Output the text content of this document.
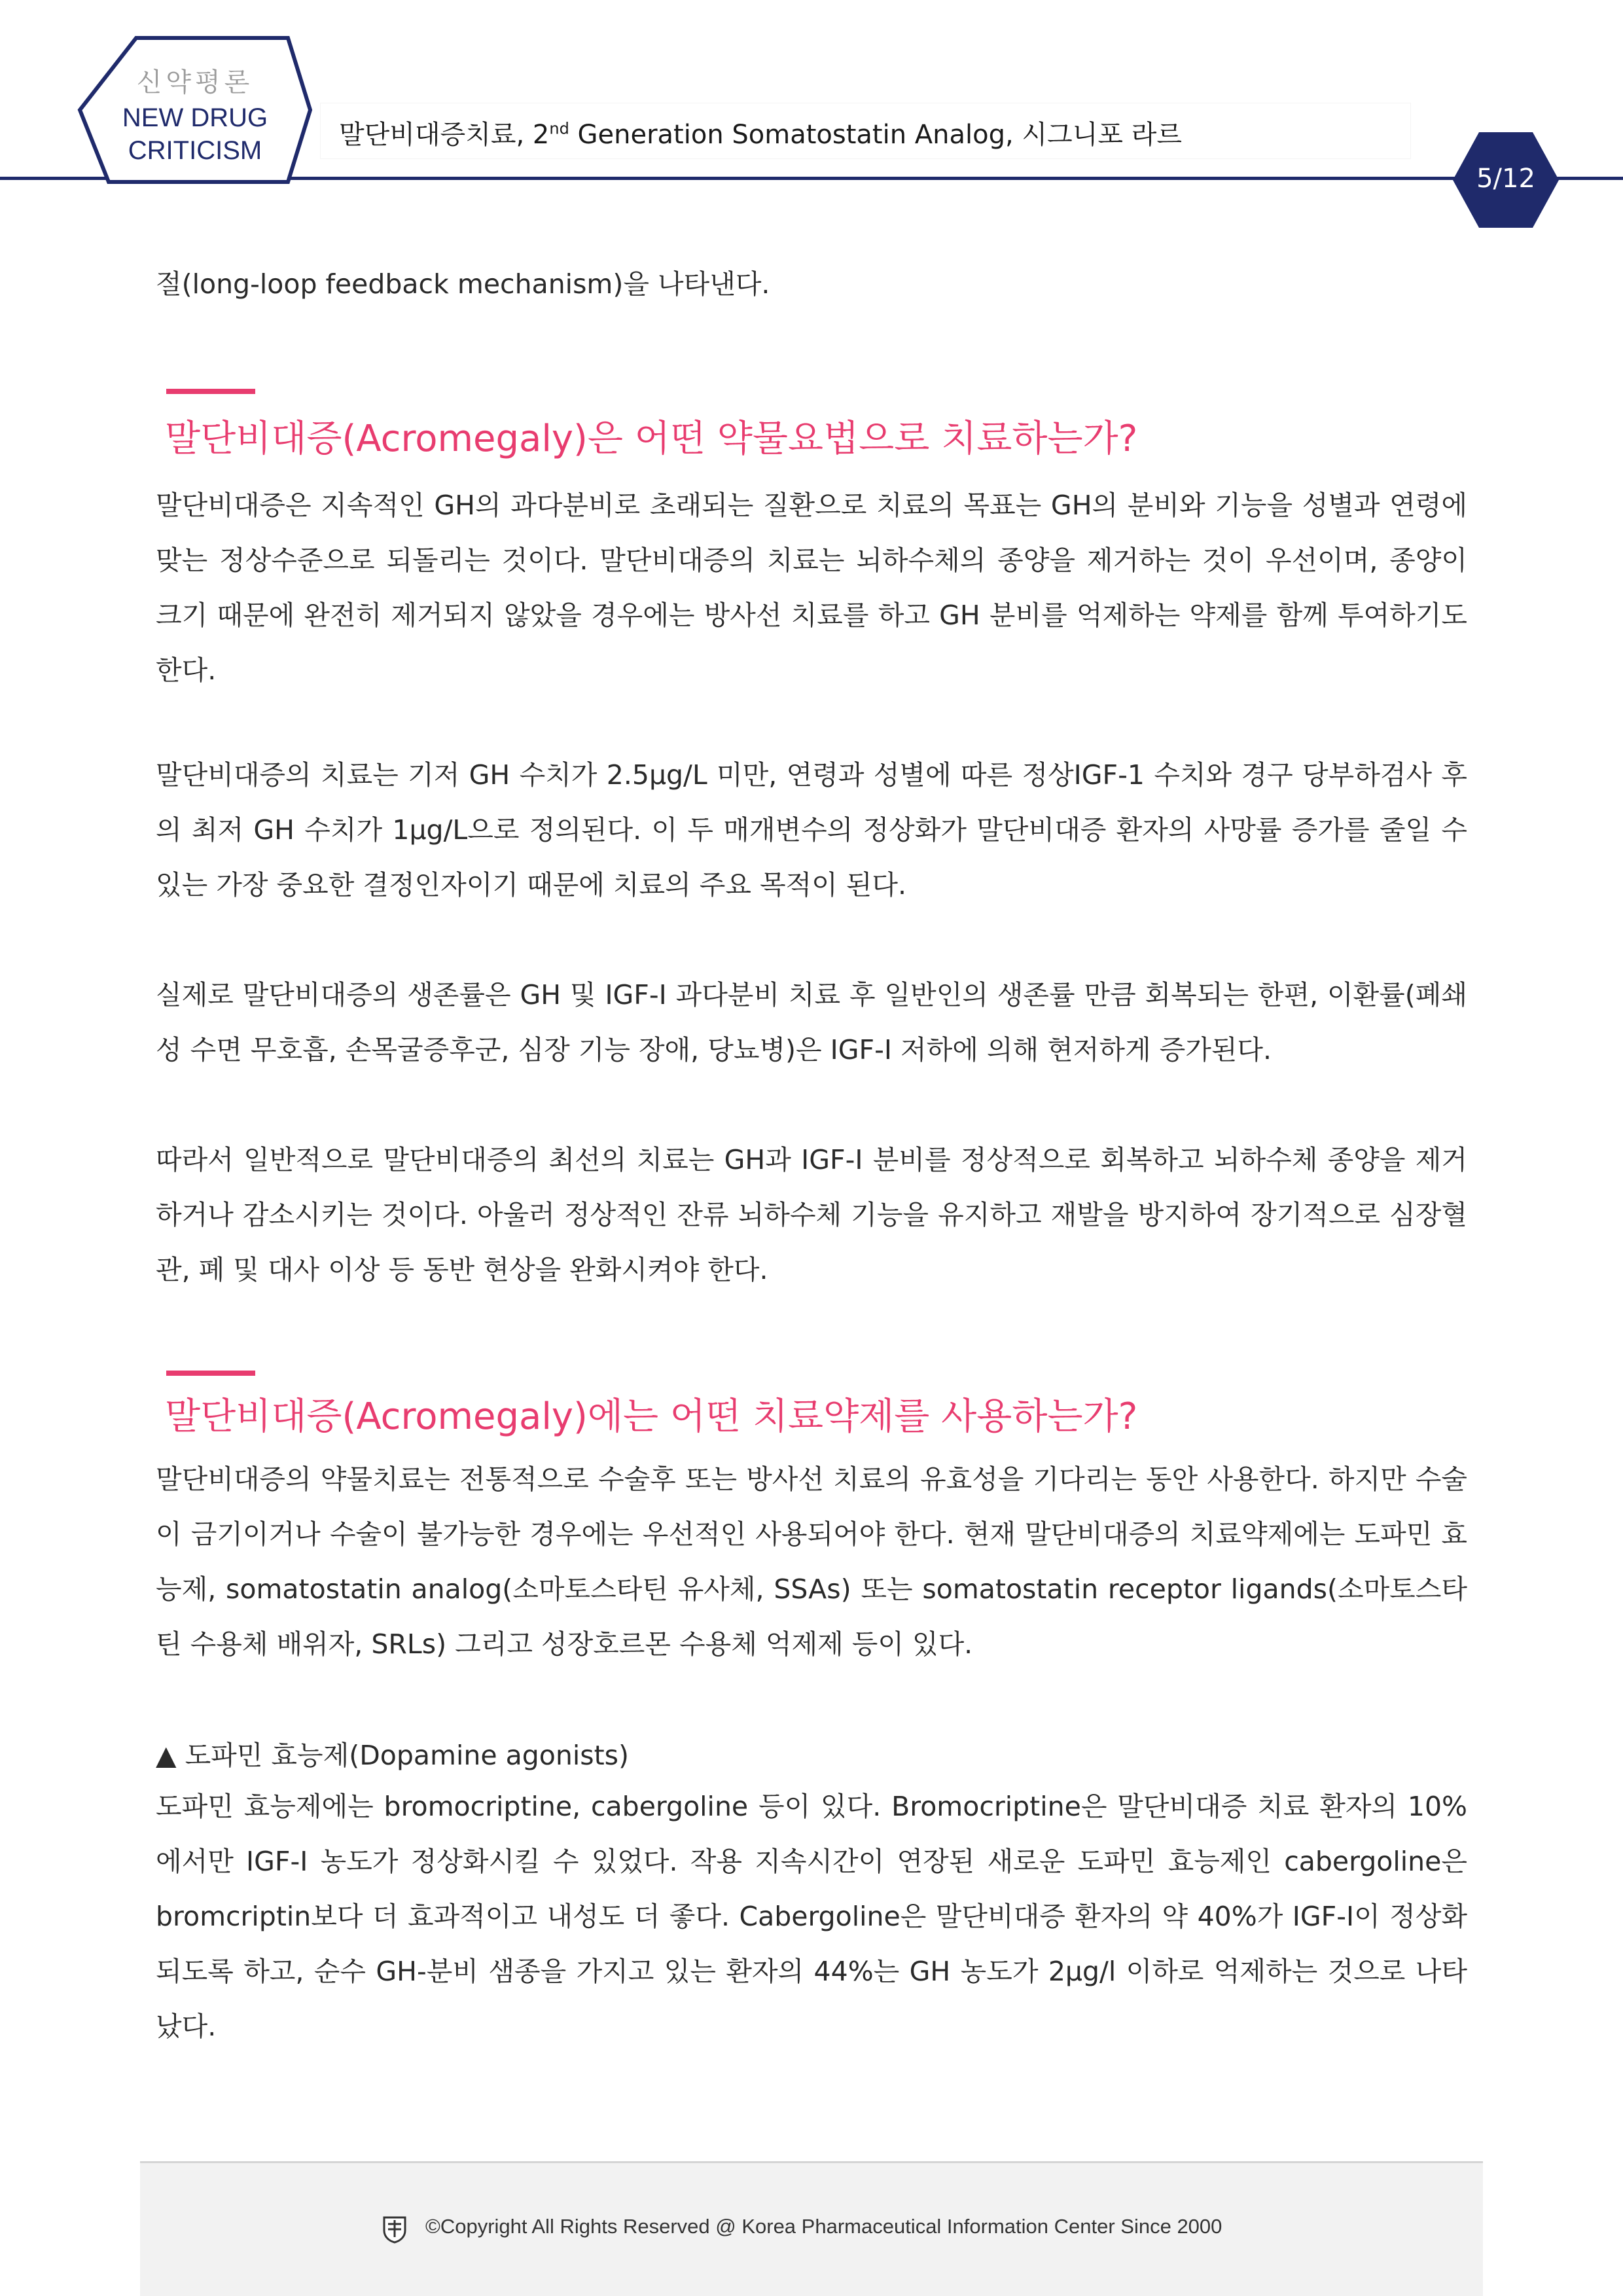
신약평론
NEW DRUG
CRITICISM
말단비대증치료, 2nd Generation Somatostatin Analog, 시그니포 라르
5/12

절(long-loop feedback mechanism)을 나타낸다.

말단비대증(Acromegaly)은 어떤 약물요법으로 치료하는가?

말단비대증은 지속적인 GH의 과다분비로 초래되는 질환으로 치료의 목표는 GH의 분비와 기능을 성별과 연령에 맞는 정상수준으로 되돌리는 것이다. 말단비대증의 치료는 뇌하수체의 종양을 제거하는 것이 우선이며, 종양이 크기 때문에 완전히 제거되지 않았을 경우에는 방사선 치료를 하고 GH 분비를 억제하는 약제를 함께 투여하기도 한다.

말단비대증의 치료는 기저 GH 수치가 2.5μg/L 미만, 연령과 성별에 따른 정상IGF-1 수치와 경구 당부하검사 후의 최저 GH 수치가 1μg/L으로 정의된다. 이 두 매개변수의 정상화가 말단비대증 환자의 사망률 증가를 줄일 수 있는 가장 중요한 결정인자이기 때문에 치료의 주요 목적이 된다.

실제로 말단비대증의 생존률은 GH 및 IGF-I 과다분비 치료 후 일반인의 생존률 만큼 회복되는 한편, 이환률(폐쇄성 수면 무호흡, 손목굴증후군, 심장 기능 장애, 당뇨병)은 IGF-I 저하에 의해 현저하게 증가된다.

따라서 일반적으로 말단비대증의 최선의 치료는 GH과 IGF-I 분비를 정상적으로 회복하고 뇌하수체 종양을 제거하거나 감소시키는 것이다. 아울러 정상적인 잔류 뇌하수체 기능을 유지하고 재발을 방지하여 장기적으로 심장혈관, 폐 및 대사 이상 등 동반 현상을 완화시켜야 한다.

말단비대증(Acromegaly)에는 어떤 치료약제를 사용하는가?

말단비대증의 약물치료는 전통적으로 수술후 또는 방사선 치료의 유효성을 기다리는 동안 사용한다. 하지만 수술이 금기이거나 수술이 불가능한 경우에는 우선적인 사용되어야 한다. 현재 말단비대증의 치료약제에는 도파민 효능제, somatostatin analog(소마토스타틴 유사체, SSAs) 또는 somatostatin receptor ligands(소마토스타틴 수용체 배위자, SRLs) 그리고 성장호르몬 수용체 억제제 등이 있다.

▲ 도파민 효능제(Dopamine agonists)

도파민 효능제에는 bromocriptine, cabergoline 등이 있다. Bromocriptine은 말단비대증 치료 환자의 10%에서만 IGF-I 농도가 정상화시킬 수 있었다. 작용 지속시간이 연장된 새로운 도파민 효능제인 cabergoline은 bromcriptin보다 더 효과적이고 내성도 더 좋다. Cabergoline은 말단비대증 환자의 약 40%가 IGF-I이 정상화되도록 하고, 순수 GH-분비 샘종을 가지고 있는 환자의 44%는 GH 농도가 2μg/l 이하로 억제하는 것으로 나타났다.

©Copyright All Rights Reserved @ Korea Pharmaceutical Information Center Since 2000
